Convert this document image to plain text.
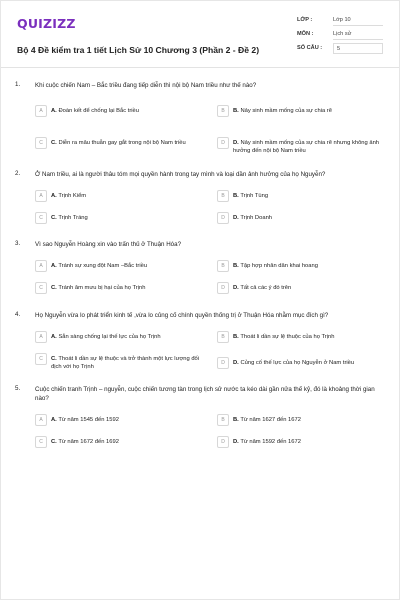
QUIZIZZ
Bộ 4 Đề kiểm tra 1 tiết Lịch Sử 10 Chương 3 (Phần 2 - Đề 2)
LỚP :	Lớp 10
MÔN :	Lịch sử
SỐ CÂU :	5
1. Khi cuộc chiến Nam – Bắc triều đang tiếp diễn thì nội bộ Nam triều như thế nào?
A	A. Đoàn kết để chống lại Bắc triều	B	B. Nảy sinh mầm mống của sự chia rẽ
C	C. Diễn ra mâu thuẫn gay gắt trong nội bộ Nam triều	D	D. Nảy sinh mầm mống của sự chia rẽ nhưng không ảnh hưởng đến nội bộ Nam triều
2. Ở Nam triều, ai là người thâu tóm mọi quyền hành trong tay mình và loại dần ảnh hưởng của họ Nguyễn?
A	A. Trịnh Kiểm	B	B. Trịnh Tùng
C	C. Trịnh Tráng	D	D. Trịnh Doanh
3. Vì sao Nguyễn Hoàng xin vào trấn thủ ở Thuận Hóa?
A	A. Tránh sự xung đột Nam –Bắc triều	B	B. Tập hợp nhân dân khai hoang
C	C. Tránh âm mưu bị hại của họ Trịnh	D	D. Tất cả các ý đó trên
4. Họ Nguyễn vừa lo phát triển kinh tế ,vừa lo củng cố chính quyền thống trị ở Thuận Hóa nhằm mục đích gì?
A	A. Sẵn sàng chống lại thế lực của họ Trịnh	B	B. Thoát li dần sự lệ thuộc của họ Trịnh
C	C. Thoát li dần sự lệ thuộc và trở thành một lực lượng đối địch với họ Trịnh
D	D. Củng cố thế lực của họ Nguyễn ở Nam triều
5. Cuộc chiến tranh Trịnh – nguyễn, cuộc chiến tương tàn trong lịch sử nước ta kéo dài gần nửa thế kỷ, đó là khoảng thời gian nào?
A	A. Từ năm 1545 đến 1592	B	B. Từ năm 1627 đến 1672
C	C. Từ năm 1672 đến 1692	D	D. Từ năm 1592 đến 1672
